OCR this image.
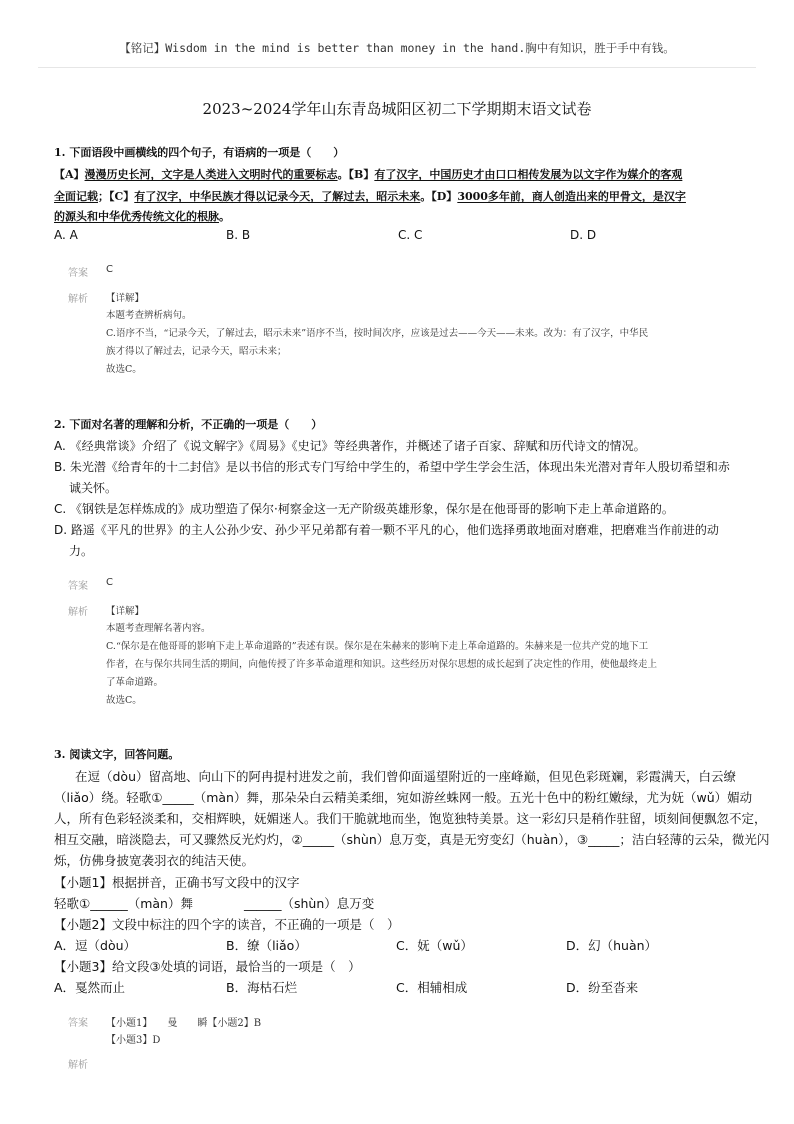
【铭记】Wisdom in the mind is better than money in the hand.胸中有知识，胜于手中有钱。
2023~2024学年山东青岛城阳区初二下学期期末语文试卷
1. 下面语段中画横线的四个句子，有语病的一项是（　　）
【A】漫漫历史长河，文字是人类进入文明时代的重要标志。【B】有了汉字，中国历史才由口口相传发展为以文字作为媒介的客观
全面记载；【C】有了汉字，中华民族才得以记录今天，了解过去，昭示未来。【D】3000多年前，商人创造出来的甲骨文，是汉字
的源头和中华优秀传统文化的根脉。
A. A	B. B	C. C	D. D
答案 C
解析 【详解】
本题考查辨析病句。
C.语序不当，“记录今天，了解过去，昭示未来”语序不当，按时间次序，应该是过去——今天——未来。改为：有了汉字，中华民
族才得以了解过去，记录今天，昭示未来；
故选C。
2. 下面对名著的理解和分析，不正确的一项是（　　）
A. 《经典常谈》介绍了《说文解字》《周易》《史记》等经典著作，并概述了诸子百家、辞赋和历代诗文的情况。
B. 朱光潜《给青年的十二封信》是以书信的形式专门写给中学生的，希望中学生学会生活，体现出朱光潜对青年人殷切希望和赤
诚关怀。
C. 《钢铁是怎样炼成的》成功塑造了保尔·柯察金这一无产阶级英雄形象，保尔是在他哥哥的影响下走上革命道路的。
D. 路遥《平凡的世界》的主人公孙少安、孙少平兄弟都有着一颗不平凡的心，他们选择勇敢地面对磨难，把磨难当作前进的动
力。
答案 C
解析 【详解】
本题考查理解名著内容。
C.“保尔是在他哥哥的影响下走上革命道路的”表述有误。保尔是在朱赫来的影响下走上革命道路的。朱赫来是一位共产党的地下工
作者，在与保尔共同生活的期间，向他传授了许多革命道理和知识。这些经历对保尔思想的成长起到了决定性的作用，使他最终走上
了革命道路。
故选C。
3. 阅读文字，回答问题。
在逗（dòu）留高地、向山下的阿冉提村进发之前，我们曾仰面遥望附近的一座峰巅，但见色彩斑斓，彩霞满天，白云缭
（liǎo）绕。轻歌①_____（màn）舞，那朵朵白云精美柔细，宛如游丝蛛网一般。五光十色中的粉红嫩绿，尤为妩（wǔ）媚动
人，所有色彩轻淡柔和，交相辉映，妩媚迷人。我们干脆就地而坐，饱览独特美景。这一彩幻只是稍作驻留，顷刻间便飘忽不定，
相互交融，暗淡隐去，可又骤然反光灼灼，②_____（shùn）息万变，真是无穷变幻（huàn），③_____；洁白轻薄的云朵，微光闪
烁，仿佛身披宽袭羽衣的纯洁天使。
【小题1】根据拼音，正确书写文段中的汉字
轻歌①______（màn）舞	______（shùn）息万变
【小题2】文段中标注的四个字的读音，不正确的一项是（　）
A．逗（dòu）	B．缭（liǎo）	C．妩（wǔ）	D．幻（huàn）
【小题3】给文段③处填的词语，最恰当的一项是（　）
A．戛然而止	B．海枯石烂	C．相辅相成	D．纷至沓来
答案 【小题1】　　曼　　瞬【小题2】B
【小题3】D
解析
